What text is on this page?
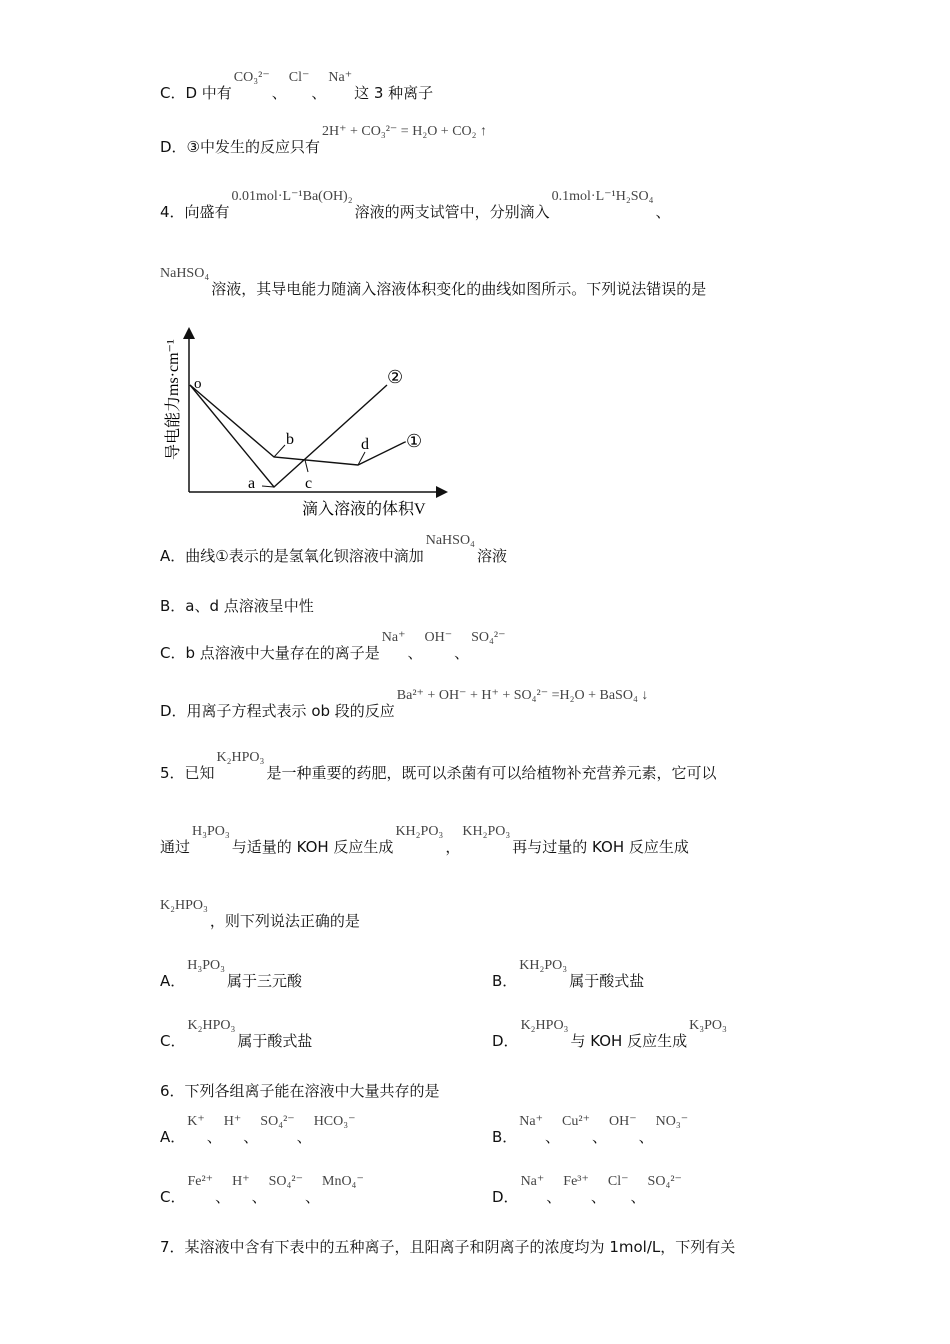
C．D 中有
CO₃²⁻
、
Cl⁻
、
Na⁺
这 3 种离子
D．③中发生的反应只有
2H⁺ + CO₃²⁻ = H₂O + CO₂ ↑
4．向盛有
0.01mol·L⁻¹Ba(OH)₂
溶液的两支试管中，分别滴入
0.1mol·L⁻¹H₂SO₄
、
NaHSO₄
溶液，其导电能力随滴入溶液体积变化的曲线如图所示。下列说法错误的是
o
a
b
c
d ①
②
滴入溶液的体积V
导电能力ms·cm⁻¹
A．曲线①表示的是氢氧化钡溶液中滴加
NaHSO₄
溶液
B．a、d 点溶液呈中性
C．b 点溶液中大量存在的离子是
Na⁺
、
OH⁻
、
SO₄²⁻
D．用离子方程式表示 ob 段的反应
Ba²⁺ + OH⁻ + H⁺ + SO₄²⁻ =H₂O + BaSO₄ ↓
5．已知
K₂HPO₃
是一种重要的药肥，既可以杀菌有可以给植物补充营养元素，它可以
通过
H₃PO₃
与适量的 KOH 反应生成
KH₂PO₃
，
KH₂PO₃
再与过量的 KOH 反应生成
K₂HPO₃
，则下列说法正确的是
A．
H₃PO₃
属于三元酸	B．
KH₂PO₃
属于酸式盐
C．
K₂HPO₃
属于酸式盐	D．
K₂HPO₃
与 KOH 反应生成
K₃PO₃
6．下列各组离子能在溶液中大量共存的是
A．
K⁺
、
H⁺
、
SO₄²⁻
、
HCO₃⁻
B．
Na⁺
、
Cu²⁺
、
OH⁻
、
NO₃⁻
C．
Fe²⁺
、
H⁺
、
SO₄²⁻
、
MnO₄⁻
D．
Na⁺
、
Fe³⁺
、
Cl⁻
、
SO₄²⁻
7．某溶液中含有下表中的五种离子，且阳离子和阴离子的浓度均为 1mol/L，下列有关
